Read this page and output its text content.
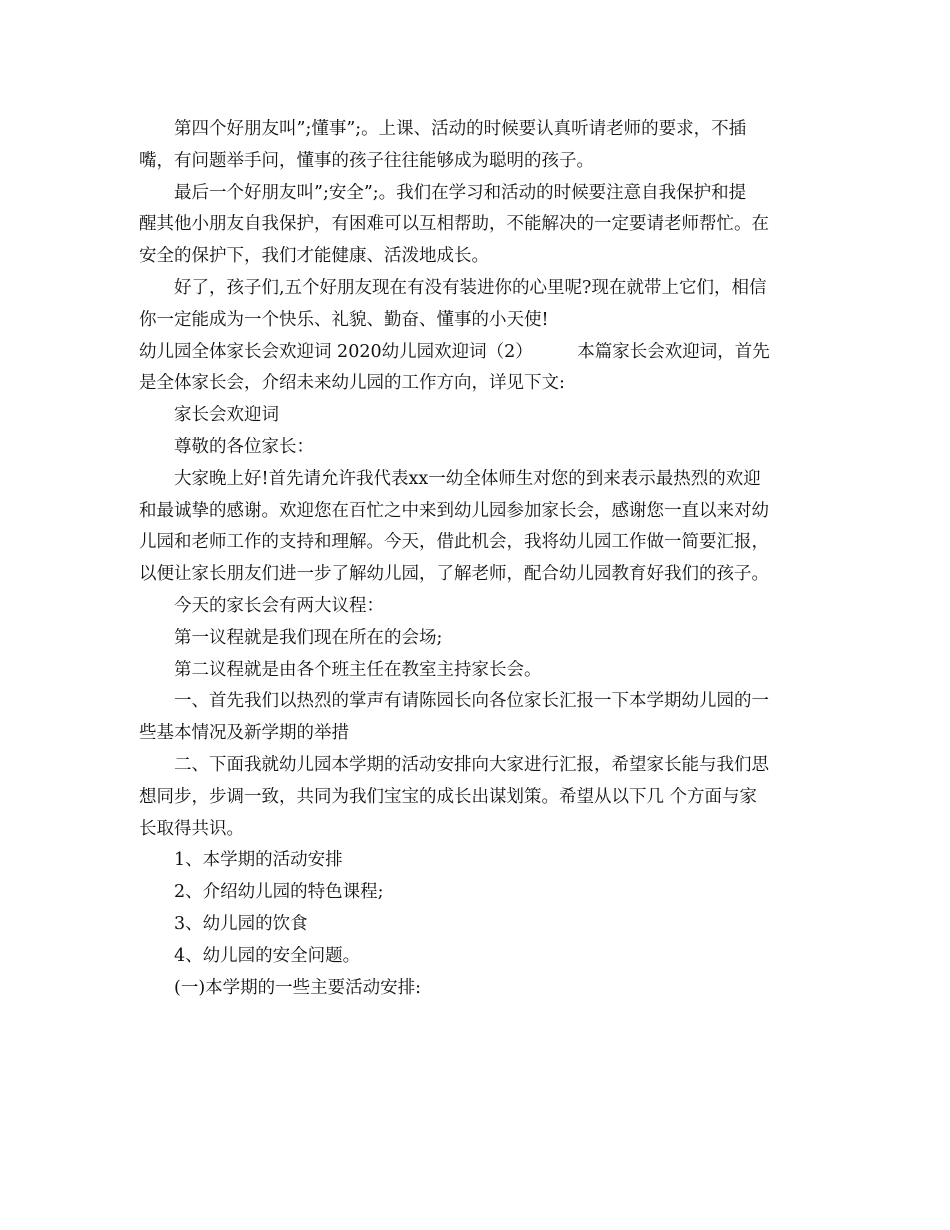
第四个好朋友叫”;懂事”;。上课、活动的时候要认真听请老师的要求，不插
嘴，有问题举手问，懂事的孩子往往能够成为聪明的孩子。
最后一个好朋友叫”;安全”;。我们在学习和活动的时候要注意自我保护和提
醒其他小朋友自我保护，有困难可以互相帮助，不能解决的一定要请老师帮忙。在
安全的保护下，我们才能健康、活泼地成长。
好了，孩子们,五个好朋友现在有没有装进你的心里呢?现在就带上它们，相信
你一定能成为一个快乐、礼貌、勤奋、懂事的小天使!
幼儿园全体家长会欢迎词 2020幼儿园欢迎词（2）        本篇家长会欢迎词，首先
是全体家长会，介绍未来幼儿园的工作方向，详见下文:
家长会欢迎词
尊敬的各位家长：
大家晚上好!首先请允许我代表xx一幼全体师生对您的到来表示最热烈的欢迎
和最诚挚的感谢。欢迎您在百忙之中来到幼儿园参加家长会，感谢您一直以来对幼
儿园和老师工作的支持和理解。今天，借此机会，我将幼儿园工作做一简要汇报，
以便让家长朋友们进一步了解幼儿园，了解老师，配合幼儿园教育好我们的孩子。
今天的家长会有两大议程：
第一议程就是我们现在所在的会场;
第二议程就是由各个班主任在教室主持家长会。
一、首先我们以热烈的掌声有请陈园长向各位家长汇报一下本学期幼儿园的一
些基本情况及新学期的举措
二、下面我就幼儿园本学期的活动安排向大家进行汇报，希望家长能与我们思
想同步，步调一致，共同为我们宝宝的成长出谋划策。希望从以下几 个方面与家
长取得共识。
1、本学期的活动安排
2、介绍幼儿园的特色课程;
3、幼儿园的饮食
4、幼儿园的安全问题。
(一)本学期的一些主要活动安排:
